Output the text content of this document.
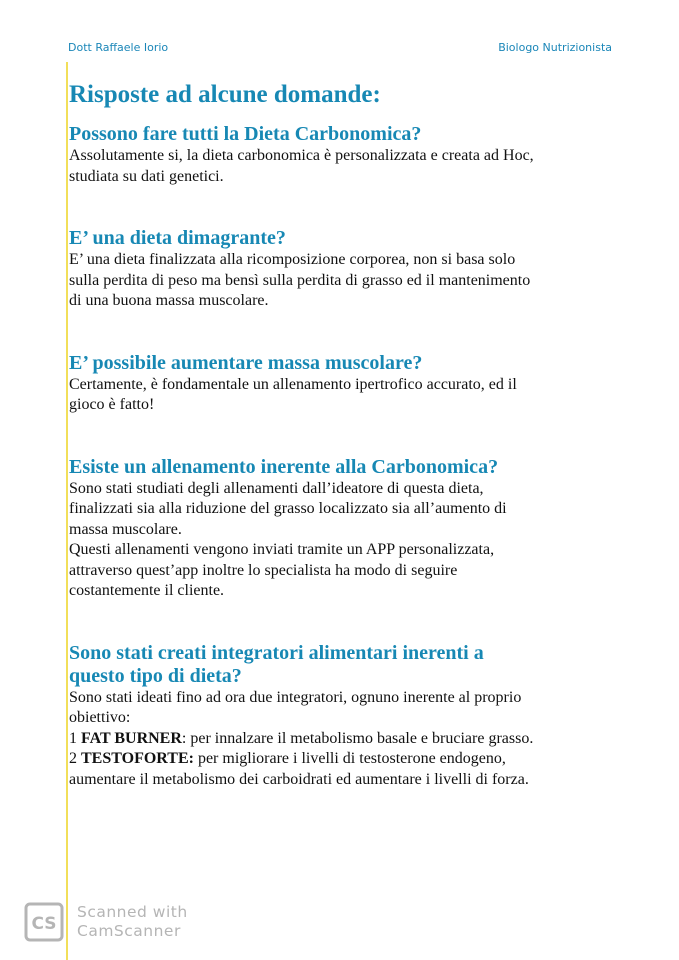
Dott Raffaele Iorio	Biologo Nutrizionista
Risposte ad alcune domande:
Possono fare tutti la Dieta Carbonomica?
Assolutamente si, la dieta carbonomica è personalizzata e creata ad Hoc,
studiata su dati genetici.
E’ una dieta dimagrante?
E’ una dieta finalizzata alla ricomposizione corporea, non si basa solo
sulla perdita di peso ma bensì sulla perdita di grasso ed il mantenimento
di una buona massa muscolare.
E’ possibile aumentare massa muscolare?
Certamente, è fondamentale un allenamento ipertrofico accurato, ed il
gioco è fatto!
Esiste un allenamento inerente alla Carbonomica?
Sono stati studiati degli allenamenti dall’ideatore di questa dieta,
finalizzati sia alla riduzione del grasso localizzato sia all’aumento di
massa muscolare.
Questi allenamenti vengono inviati tramite un APP personalizzata,
attraverso quest’app inoltre lo specialista ha modo di seguire
costantemente il cliente.
Sono stati creati integratori alimentari inerenti a
questo tipo di dieta?
Sono stati ideati fino ad ora due integratori, ognuno inerente al proprio
obiettivo:
1 FAT BURNER: per innalzare il metabolismo basale e bruciare grasso.
2 TESTOFORTE: per migliorare i livelli di testosterone endogeno,
aumentare il metabolismo dei carboidrati ed aumentare i livelli di forza.
CS
Scanned with
CamScanner
